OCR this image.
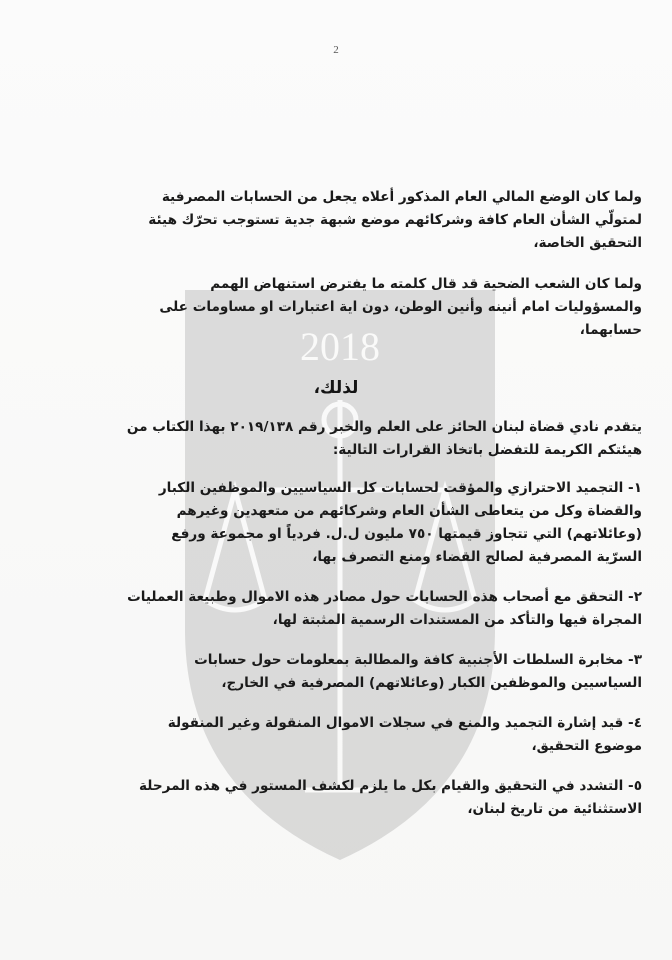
2018
2
ولما كان الوضع المالي العام المذكور أعلاه يجعل من الحسابات المصرفية لمتولّي الشأن العام كافة وشركائهم موضع شبهة جدية تستوجب تحرّك هيئة التحقيق الخاصة،
ولما كان الشعب الضحية قد قال كلمته ما يفترض استنهاض الهمم والمسؤوليات امام أنينه وأنين الوطن، دون اية اعتبارات او مساومات على حسابهما،
لذلك،
يتقدم نادي قضاة لبنان الحائز على العلم والخبر رقم ٢٠١٩/١٣٨ بهذا الكتاب من هيئتكم الكريمة للتفضل باتخاذ القرارات التالية:
١- التجميد الاحترازي والمؤقت لحسابات كل السياسيين والموظفين الكبار والقضاة وكل من يتعاطى الشأن العام وشركائهم من متعهدين وغيرهم (وعائلاتهم) التي تتجاوز قيمتها ٧٥٠ مليون ل.ل. فردياً او مجموعة ورفع السرّية المصرفية لصالح القضاء ومنع التصرف بها،
٢- التحقق مع أصحاب هذه الحسابات حول مصادر هذه الاموال وطبيعة العمليات المجراة فيها والتأكد من المستندات الرسمية المثبتة لها،
٣- مخابرة السلطات الأجنبية كافة والمطالبة بمعلومات حول حسابات السياسيين والموظفين الكبار (وعائلاتهم) المصرفية في الخارج،
٤- قيد إشارة التجميد والمنع في سجلات الاموال المنقولة وغير المنقولة موضوع التحقيق،
٥- التشدد في التحقيق والقيام بكل ما يلزم لكشف المستور في هذه المرحلة الاستثنائية من تاريخ لبنان،
